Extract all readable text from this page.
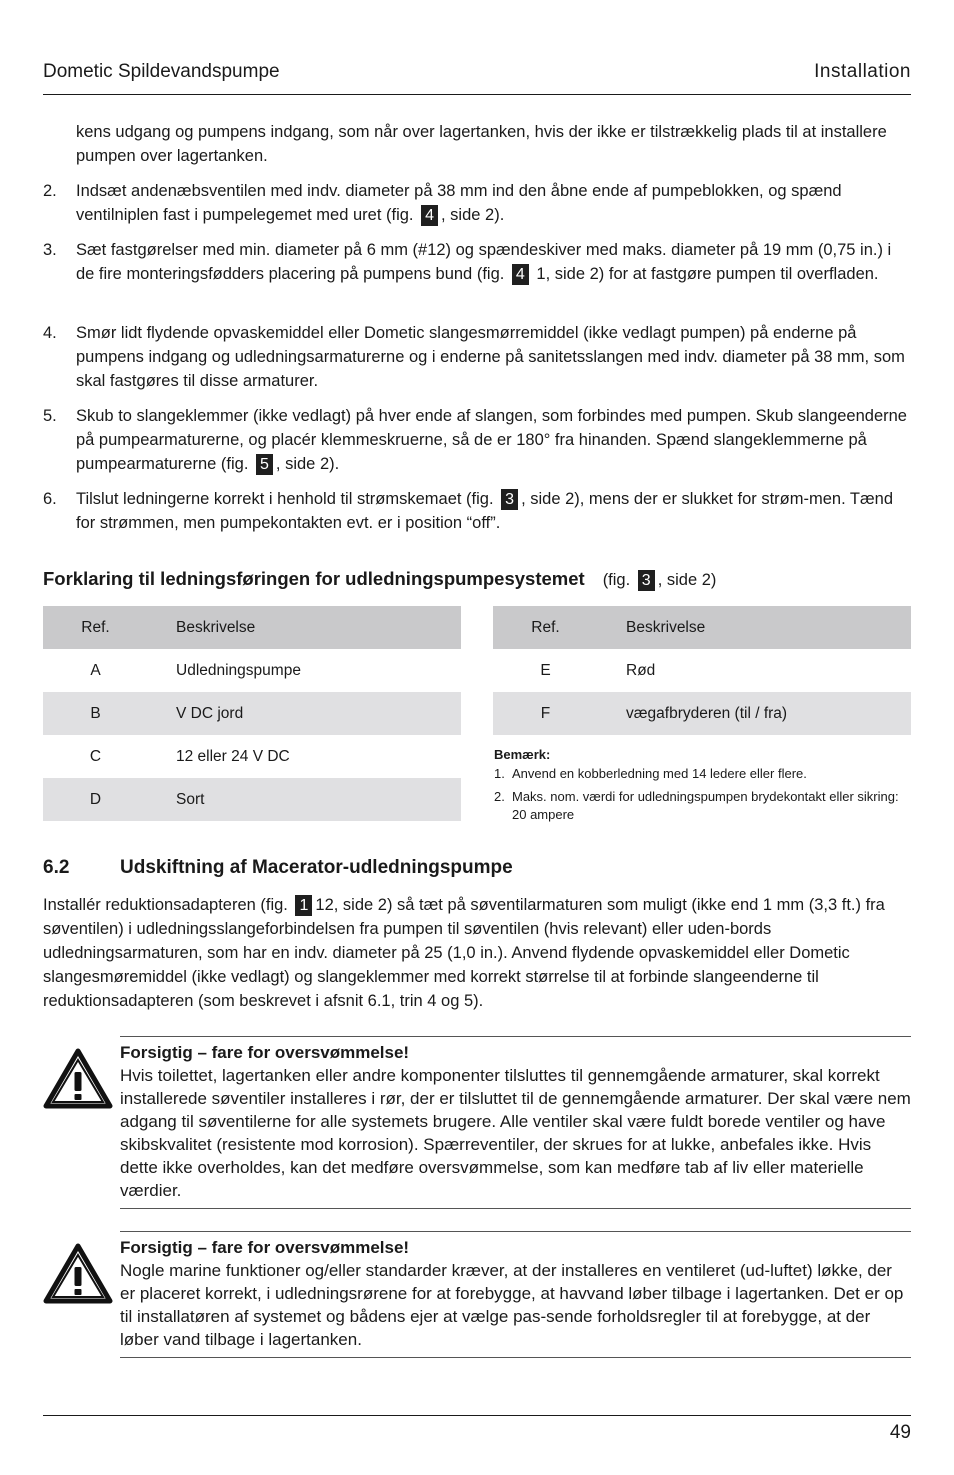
Dometic Spildevandspumpe	Installation
kens udgang og pumpens indgang, som når over lagertanken, hvis der ikke er tilstrækkelig plads til at installere pumpen over lagertanken.
2. Indsæt andenæbsventilen med indv. diameter på 38 mm ind den åbne ende af pumpeblokken, og spænd ventilniplen fast i pumpelegemet med uret (fig. 4 , side 2).
3. Sæt fastgørelser med min. diameter på 6 mm (#12) og spændeskiver med maks. diameter på 19 mm (0,75 in.) i de fire monteringsfødders placering på pumpens bund (fig. 4 1, side 2) for at fastgøre pumpen til overfladen.
4. Smør lidt flydende opvaskemiddel eller Dometic slangesmørremiddel (ikke vedlagt pumpen) på enderne på pumpens indgang og udledningsarmaturerne og i enderne på sanitetsslangen med indv. diameter på 38 mm, som skal fastgøres til disse armaturer.
5. Skub to slangeklemmer (ikke vedlagt) på hver ende af slangen, som forbindes med pumpen. Skub slangeenderne på pumpearmaturerne, og placér klemmeskruerne, så de er 180° fra hinanden. Spænd slangeklemmerne på pumpearmaturerne (fig. 5 , side 2).
6. Tilslut ledningerne korrekt i henhold til strømskemaet (fig. 3 , side 2), mens der er slukket for strøm-men. Tænd for strømmen, men pumpekontakten evt. er i position “off”.
Forklaring til ledningsføringen for udledningspumpesystemet (fig. 3 , side 2)
Ref.	Beskrivelse
A	Udledningspumpe
B	V DC jord
C	12 eller 24 V DC
D	Sort
Ref.	Beskrivelse
E	Rød
F	vægafbryderen (til / fra)
Bemærk:
1. Anvend en kobberledning med 14 ledere eller flere.
2. Maks. nom. værdi for udledningspumpen brydekontakt eller sikring: 20 ampere
6.2	Udskiftning af Macerator-udledningspumpe
Installér reduktionsadapteren (fig. 1 12, side 2) så tæt på søventilarmaturen som muligt (ikke end 1 mm (3,3 ft.) fra søventilen) i udledningsslangeforbindelsen fra pumpen til søventilen (hvis relevant) eller uden-bords udledningsarmaturen, som har en indv. diameter på 25 (1,0 in.). Anvend flydende opvaskemiddel eller Dometic slangesmøremiddel (ikke vedlagt) og slangeklemmer med korrekt størrelse til at forbinde slangeenderne til reduktionsadapteren (som beskrevet i afsnit 6.1, trin 4 og 5).
Forsigtig – fare for oversvømmelse!
Hvis toilettet, lagertanken eller andre komponenter tilsluttes til gennemgående armaturer, skal korrekt installerede søventiler installeres i rør, der er tilsluttet til de gennemgående armaturer. Der skal være nem adgang til søventilerne for alle systemets brugere. Alle ventiler skal være fuldt borede ventiler og have skibskvalitet (resistente mod korrosion). Spærreventiler, der skrues for at lukke, anbefales ikke. Hvis dette ikke overholdes, kan det medføre oversvømmelse, som kan medføre tab af liv eller materielle værdier.
Forsigtig – fare for oversvømmelse!
Nogle marine funktioner og/eller standarder kræver, at der installeres en ventileret (ud-luftet) løkke, der er placeret korrekt, i udledningsrørene for at forebygge, at havvand løber tilbage i lagertanken. Det er op til installatøren af systemet og bådens ejer at vælge pas-sende forholdsregler til at forebygge, at der løber vand tilbage i lagertanken.
49
